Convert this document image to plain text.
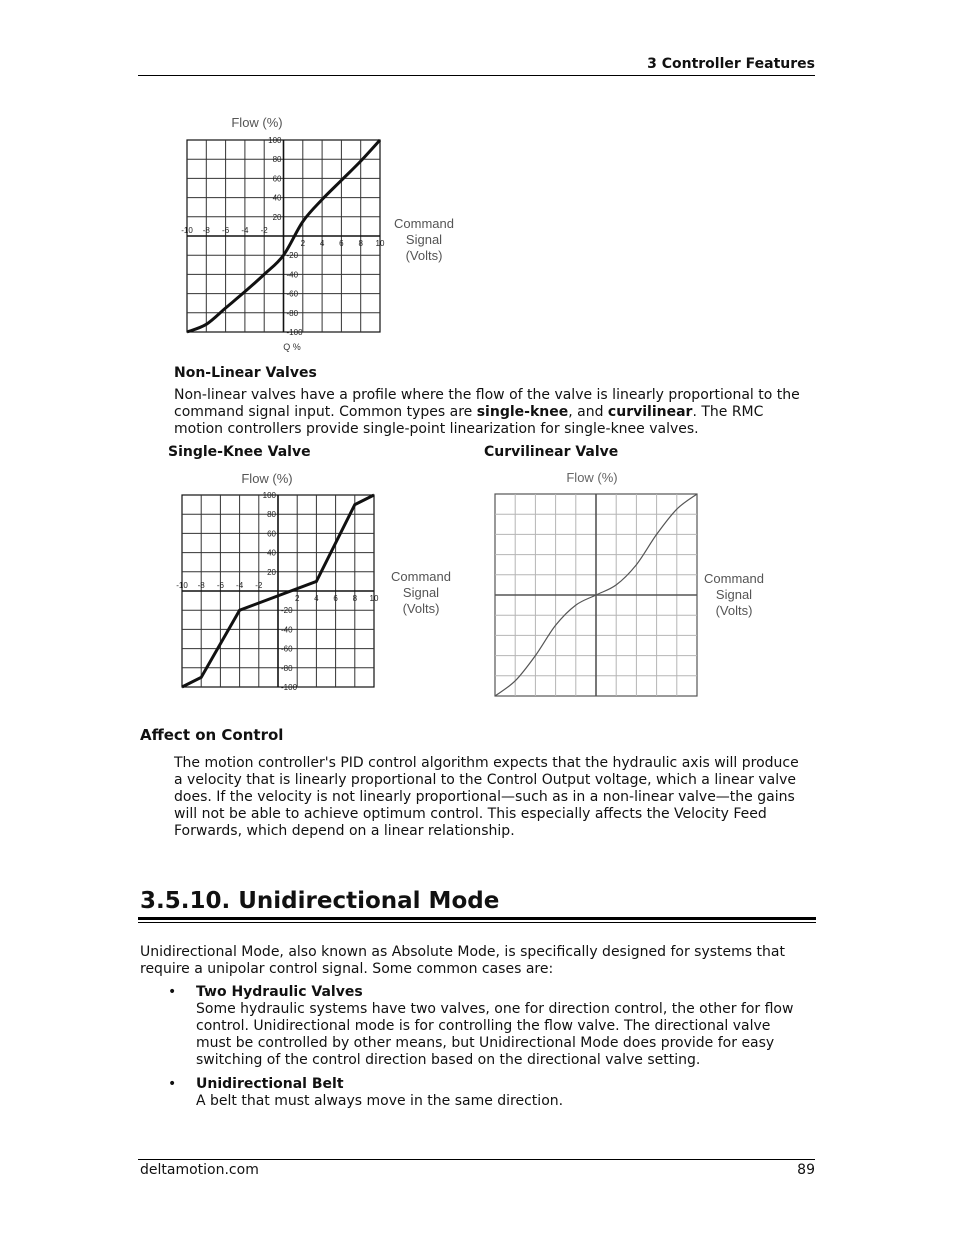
3 Controller Features
Flow (%)
-10 -8 -6 -4 -2
2 4 6 8 10
100
80
60
40
20
-20
-40
-60
-80
-100
Command
Signal
(Volts)
Q %
Non-Linear Valves
Non-linear valves have a profile where the flow of the valve is linearly proportional to the command signal input. Common types are single-knee, and curvilinear. The RMC motion controllers provide single-point linearization for single-knee valves.
Single-Knee Valve	Curvilinear Valve
Flow (%)
-10 -8 -6 -4 -2
2 4 6 8 10
100
80
60
40
20
-20
-40
-60
-80
-100
Command
Signal
(Volts)
Flow (%)
Command
Signal
(Volts)
Affect on Control
The motion controller's PID control algorithm expects that the hydraulic axis will produce a velocity that is linearly proportional to the Control Output voltage, which a linear valve does. If the velocity is not linearly proportional—such as in a non-linear valve—the gains will not be able to achieve optimum control. This especially affects the Velocity Feed Forwards, which depend on a linear relationship.
3.5.10. Unidirectional Mode
Unidirectional Mode, also known as Absolute Mode, is specifically designed for systems that require a unipolar control signal. Some common cases are:
• Two Hydraulic Valves
Some hydraulic systems have two valves, one for direction control, the other for flow control. Unidirectional mode is for controlling the flow valve. The directional valve must be controlled by other means, but Unidirectional Mode does provide for easy switching of the control direction based on the directional valve setting.
• Unidirectional Belt
A belt that must always move in the same direction.
deltamotion.com	89
